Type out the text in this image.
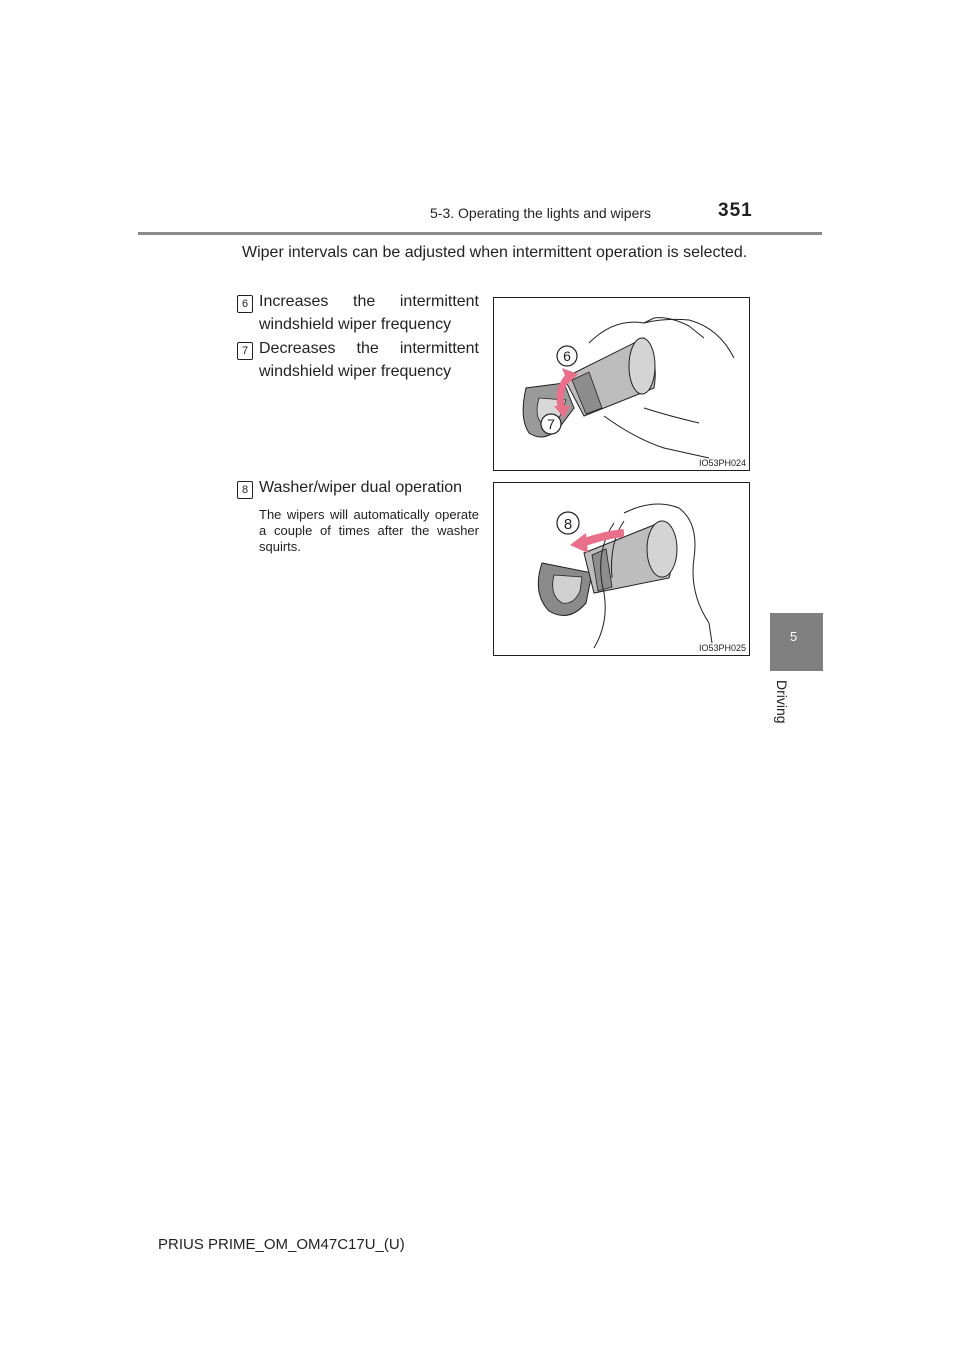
5-3. Operating the lights and wipers	351
5
Driving
Wiper intervals can be adjusted when intermittent operation is selected.
6 Increases the intermittent windshield wiper frequency
7 Decreases the intermittent windshield wiper frequency
8 Washer/wiper dual operation
The wipers will automatically operate a couple of times after the washer squirts.
6
7
IO53PH024
8
IO53PH025
PRIUS PRIME_OM_OM47C17U_(U)
